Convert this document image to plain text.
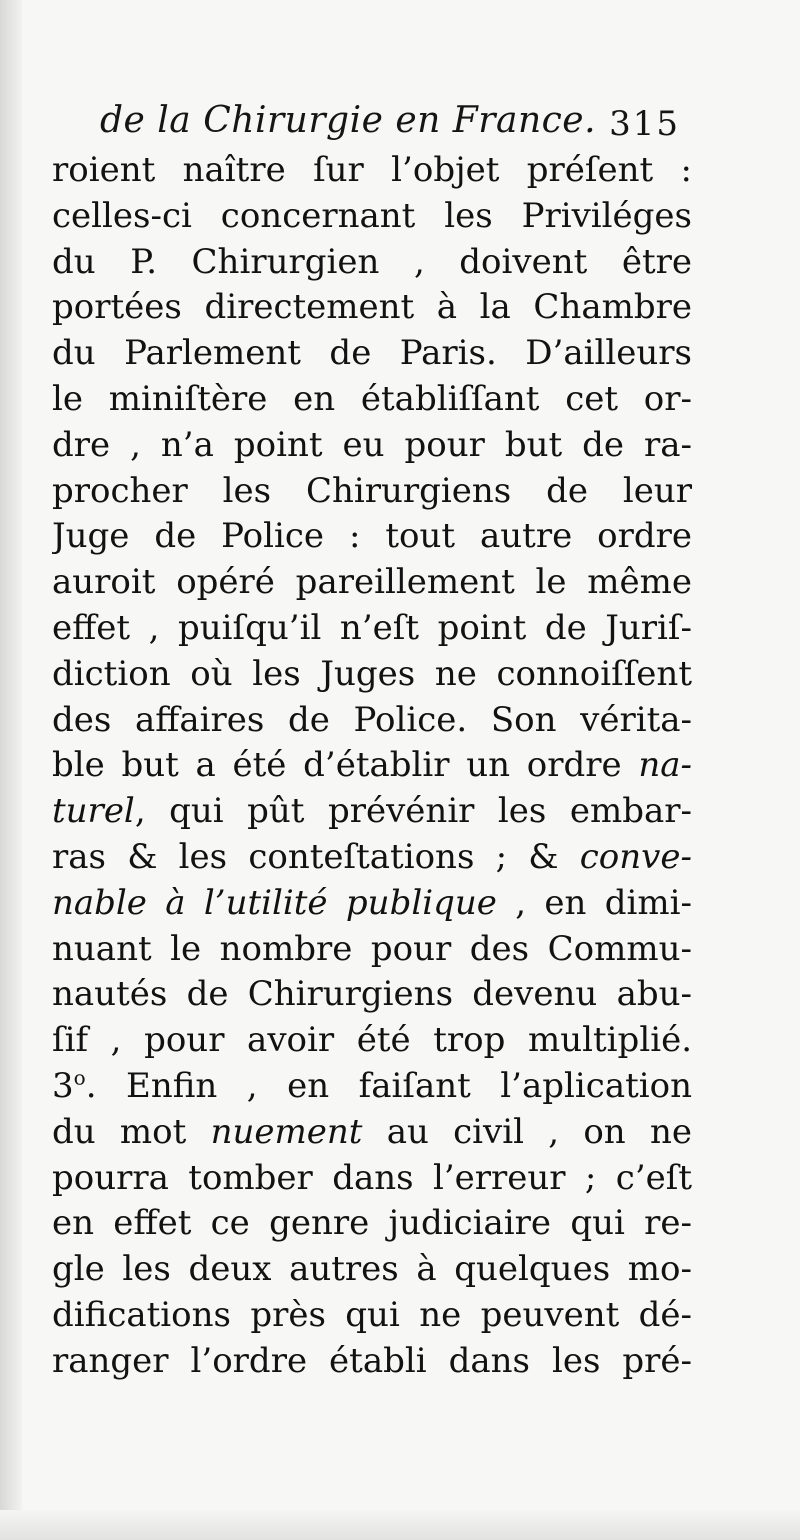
de la Chirurgie en France. 315
roient naître ſur l’objet préſent :
celles-ci concernant les Priviléges
du P. Chirurgien , doivent être
portées directement à la Chambre
du Parlement de Paris. D’ailleurs
le miniſtère en établiſſant cet or-
dre , n’a point eu pour but de ra-
procher les Chirurgiens de leur
Juge de Police : tout autre ordre
auroit opéré pareillement le même
effet , puiſqu’il n’eſt point de Juriſ-
diction où les Juges ne connoiſſent
des affaires de Police. Son vérita-
ble but a été d’établir un ordre na-
turel, qui pût prévénir les embar-
ras & les conteſtations ; & conve-
nable à l’utilité publique , en dimi-
nuant le nombre pour des Commu-
nautés de Chirurgiens devenu abu-
ſif , pour avoir été trop multiplié.
3$^o$. Enfin , en faiſant l’aplication
du mot nuement au civil , on ne
pourra tomber dans l’erreur ; c’eſt
en effet ce genre judiciaire qui re-
gle les deux autres à quelques mo-
difications près qui ne peuvent dé-
ranger l’ordre établi dans les pré-
